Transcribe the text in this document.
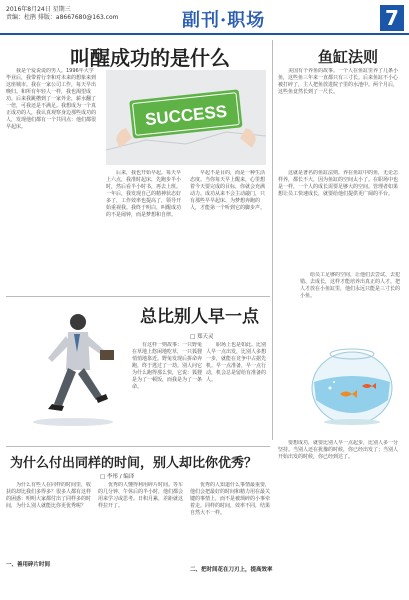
2016年8月24日 星期三
责编：杜鹃 排版：a8667680@163.com	副刊·职场	7
叫醒成功的是什么
我是个爱说谎的男人。1996年大学毕业后，我带着行李和对未来的想象来到这座城市。我在一家公司工作，每天早出晚归。和所有年轻人一样，我也渴望成功。后来我跳槽到了一家外企，薪水翻了一倍，可我还是不满足。我想成为一个真正成功的人，我认真观察身边那些成功的人，发现他们都有一个共同点：他们都很早起床。	SUCCESS
后来，我也开始早起。每天早上六点，我准时起床，先跑步半小时，然后看半小时书，再去上班。一年后，我发现自己的精神状态好多了，工作效率也提高了，领导开始重视我。我终于明白，叫醒成功的不是闹钟，而是梦想和自律。
早起不是目的，而是一种生活态度。当你每天早上醒来，心里想着今天要完成的目标，你就会充满动力。成功从来不会主动敲门，只有那些早早起床、为梦想奔跑的人，才能第一个听到它的脚步声。
鱼缸法则
美国有个养鱼的故事。一个人在鱼缸里养了几条小鱼，这些鱼三年来一直都只有三寸长。后来鱼缸不小心被打碎了，主人把鱼放进院子里的水池中。两个月后，这些鱼竟然长到了一尺长。
这就是著名的鱼缸法则。养在鱼缸中的鱼，无论怎样养，都长不大，因为鱼缸的空间太小了。在职场中也是一样，一个人的成长需要足够大的空间。管理者如果想让员工快速成长，就要给他们提供更广阔的平台。
给员工足够的空间，让他们去尝试、去犯错、去成长，这样才能培养出真正的人才。把人才放在小鱼缸里，他们永远只能是三寸长的小鱼。
总比别人早一点
□ 郑天灵
有这样一则故事：一只野兔在草地上悠闲地吃草，一只狐狸悄悄地靠近。野兔发现后拼命奔跑，终于逃过了一劫。别人问它为什么跑得那么快，它说：狐狸是为了一顿饭，而我是为了一条命。
职场上也是如此。比别人早一点出发，比别人多想一步，就能在竞争中占据先机。早一点准备，早一点行动，机会总是留给有准备的人。
为什么付出同样的时间，别人却比你优秀？
□ 李彤 / 编译
为什么有些人在同样的时间里，收获的却比我们多得多？很多人都有这样的困惑：明明大家都付出了同样多的时间，为什么别人就能比你更优秀呢？
一、善用碎片时间
优秀的人懂得利用碎片时间。等车的几分钟、午休后的半小时，他们都会用来学习或思考。日积月累，差距就这样拉开了。
二、把时间花在刀刃上，提高效率
优秀的人知道什么事情最重要，他们会把最好的时间和精力用在最关键的事情上，而不是被琐碎的小事牵着走。同样的时间，效率不同，结果自然大不一样。
要想成功，就要比别人早一点起步，比别人多一分坚持。当别人还在犹豫的时候，你已经出发了；当别人开始出发的时候，你已经到达了。
